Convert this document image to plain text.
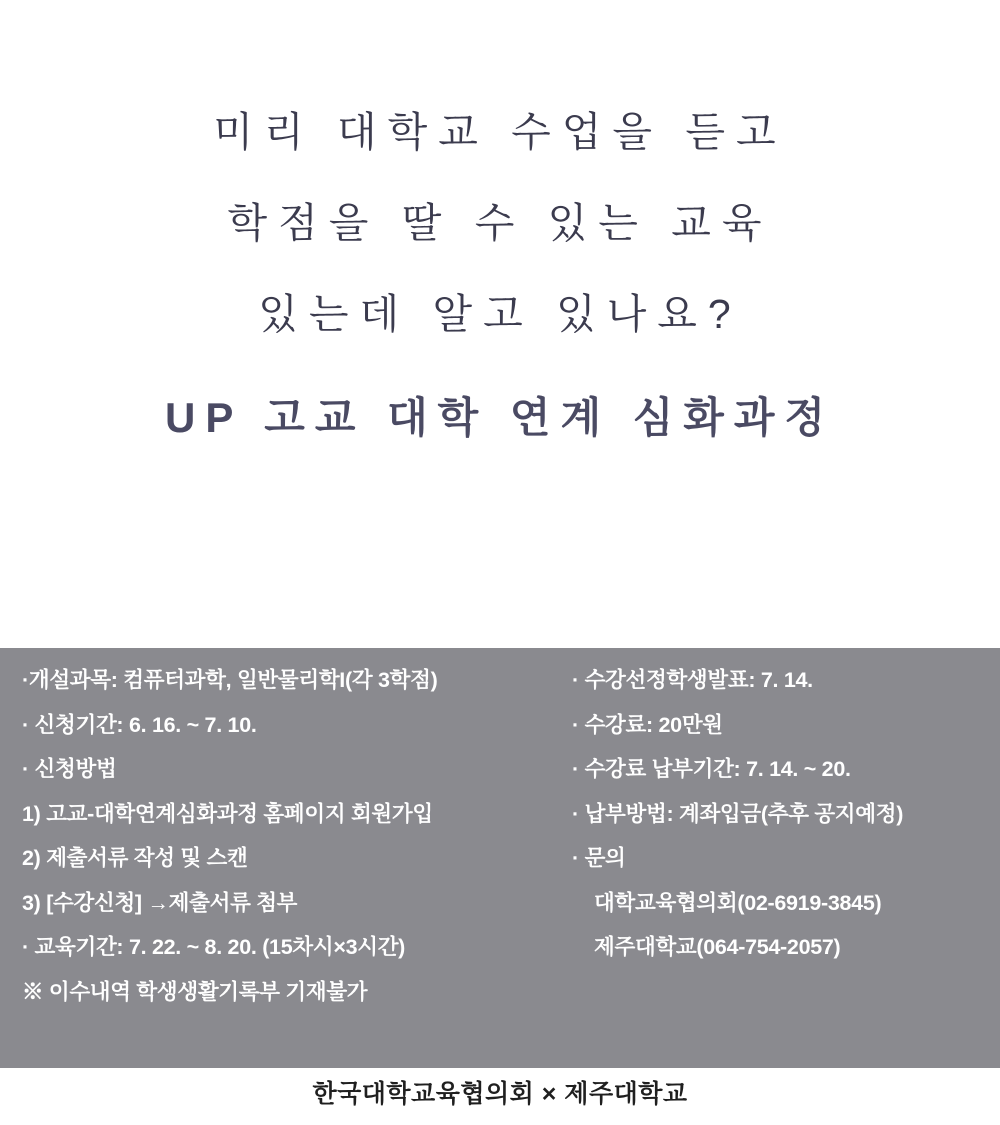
미리 대학교 수업을 듣고
학점을 딸 수 있는 교육
있는데 알고 있나요?
UP 고교 대학 연계 심화과정
·개설과목: 컴퓨터과학, 일반물리학I(각 3학점)
· 신청기간: 6. 16. ~ 7. 10.
· 신청방법
1) 고교-대학연계심화과정 홈페이지 회원가입
2) 제출서류 작성 및 스캔
3) [수강신청] →제출서류 첨부
· 교육기간: 7. 22. ~ 8. 20. (15차시×3시간)
※ 이수내역 학생생활기록부 기재불가
· 수강선정학생발표: 7. 14.
· 수강료: 20만원
· 수강료 납부기간: 7. 14. ~ 20.
· 납부방법: 계좌입금(추후 공지예정)
· 문의
대학교육협의회(02-6919-3845)
제주대학교(064-754-2057)
한국대학교육협의회 × 제주대학교
